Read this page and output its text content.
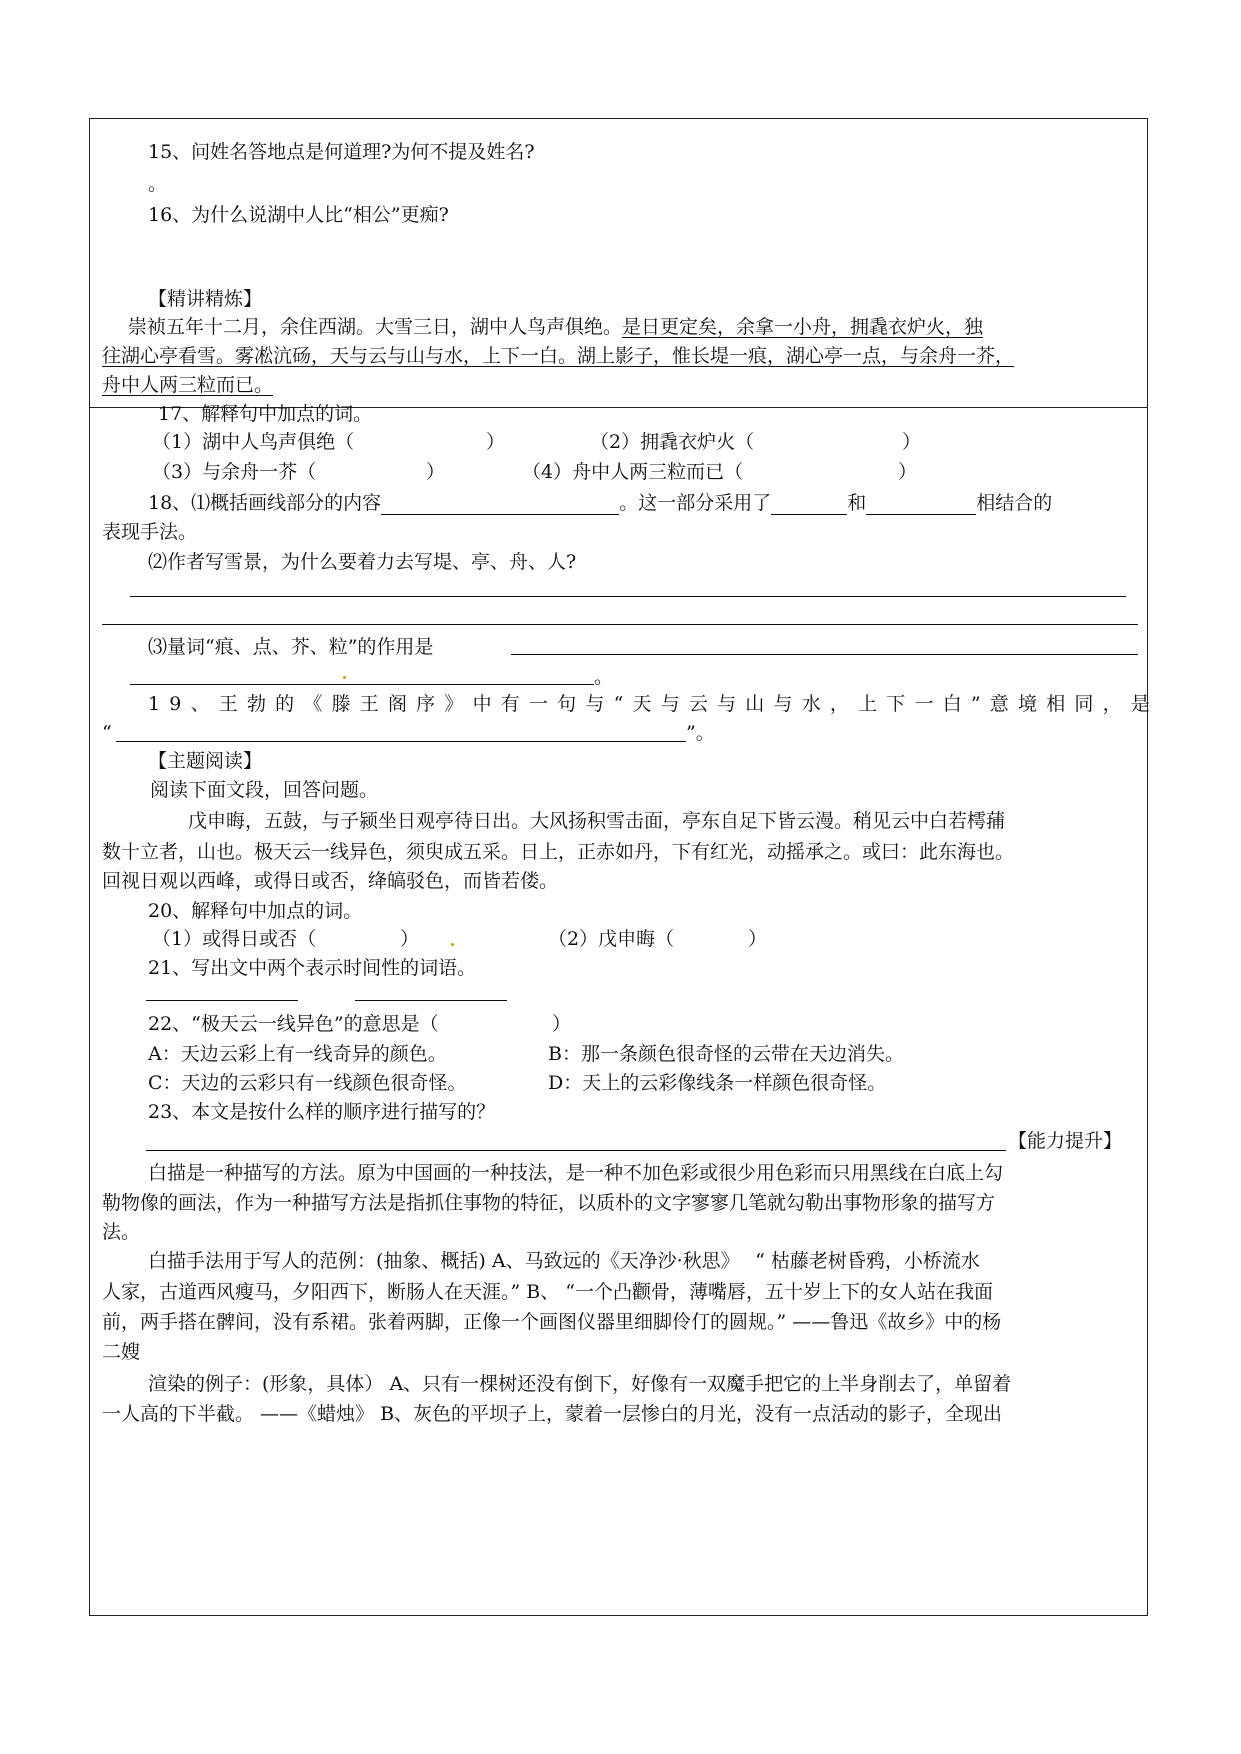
15、问姓名答地点是何道理?为何不提及姓名?
。
16、为什么说湖中人比“相公”更痴?
【精讲精炼】
崇祯五年十二月，余住西湖。大雪三日，湖中人鸟声俱绝。是日更定矣，余拿一小舟，拥毳衣炉火，独
往湖心亭看雪。雾凇沆砀，天与云与山与水，上下一白。湖上影子，惟长堤一痕，湖心亭一点，与余舟一芥，
舟中人两三粒而已。
17、解释句中加点的词。
（1）湖中人鸟声俱绝（	）	（2）拥毳衣炉火（	）
（3）与余舟一芥（	）	（4）舟中人两三粒而已（	）
18、⑴概括画线部分的内容	。这一部分采用了	和	相结合的
表现手法。
⑵作者写雪景，为什么要着力去写堤、亭、舟、人?
⑶量词“痕、点、芥、粒”的作用是
。
19、王勃的《滕王阁序》中有一句与“天与云与山与水，上下一白”意境相同，是
“	”。
【主题阅读】
阅读下面文段，回答问题。
戊申晦，五鼓，与子颍坐日观亭待日出。大风扬积雪击面，亭东自足下皆云漫。稍见云中白若樗蒱
数十立者，山也。极天云一线异色，须臾成五采。日上，正赤如丹，下有红光，动摇承之。或曰：此东海也。
回视日观以西峰，或得日或否，绛皜驳色，而皆若偻。
20、解释句中加点的词。
（1）或得日或否（	）	（2）戊申晦（	）
21、写出文中两个表示时间性的词语。
22、“极天云一线异色”的意思是（	）
A：天边云彩上有一线奇异的颜色。	B：那一条颜色很奇怪的云带在天边消失。
C：天边的云彩只有一线颜色很奇怪。	D：天上的云彩像线条一样颜色很奇怪。
23、本文是按什么样的顺序进行描写的？
【能力提升】
白描是一种描写的方法。原为中国画的一种技法，是一种不加色彩或很少用色彩而只用黑线在白底上勾
勒物像的画法，作为一种描写方法是指抓住事物的特征，以质朴的文字寥寥几笔就勾勒出事物形象的描写方
法。
白描手法用于写人的范例：(抽象、概括) A、马致远的《天净沙·秋思》　 “ 枯藤老树昏鸦，小桥流水
人家，古道西风瘦马，夕阳西下，断肠人在天涯。” B、 “一个凸颧骨，薄嘴唇，五十岁上下的女人站在我面
前，两手搭在髀间，没有系裙。张着两脚，正像一个画图仪器里细脚伶仃的圆规。” ——鲁迅《故乡》中的杨
二嫂
渲染的例子：(形象，具体） A、只有一棵树还没有倒下，好像有一双魔手把它的上半身削去了，单留着
一人高的下半截。 ——《蜡烛》 B、灰色的平坝子上，蒙着一层惨白的月光，没有一点活动的影子，全现出
